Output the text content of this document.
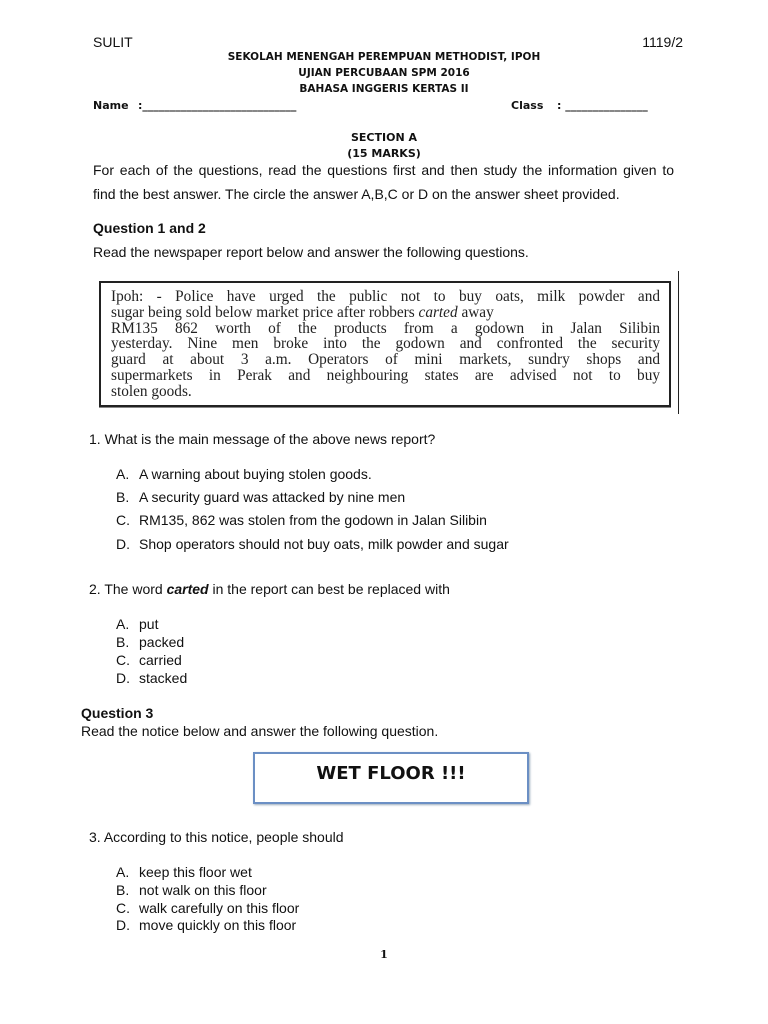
SULIT	1119/2
SEKOLAH MENENGAH PEREMPUAN METHODIST, IPOH
UJIAN PERCUBAAN SPM 2016
BAHASA INGGERIS KERTAS II
Name :____________________________	Class : _______________
SECTION A
(15 MARKS)
For each of the questions, read the questions first and then study the information given to
find the best answer. The circle the answer A,B,C or D on the answer sheet provided.
Question 1 and 2
Read the newspaper report below and answer the following questions.
Ipoh: - Police have urged the public not to buy oats, milk powder and
sugar being sold below market price after robbers carted away
RM135 862 worth of the products from a godown in Jalan Silibin
yesterday. Nine men broke into the godown and confronted the security
guard at about 3 a.m. Operators of mini markets, sundry shops and
supermarkets in Perak and neighbouring states are advised not to buy
stolen goods.
1. What is the main message of the above news report?
A. A warning about buying stolen goods.
B. A security guard was attacked by nine men
C. RM135, 862 was stolen from the godown in Jalan Silibin
D. Shop operators should not buy oats, milk powder and sugar
2. The word carted in the report can best be replaced with
A. put
B. packed
C. carried
D. stacked
Question 3
Read the notice below and answer the following question.
WET FLOOR !!!
3. According to this notice, people should
A. keep this floor wet
B. not walk on this floor
C. walk carefully on this floor
D. move quickly on this floor
1
